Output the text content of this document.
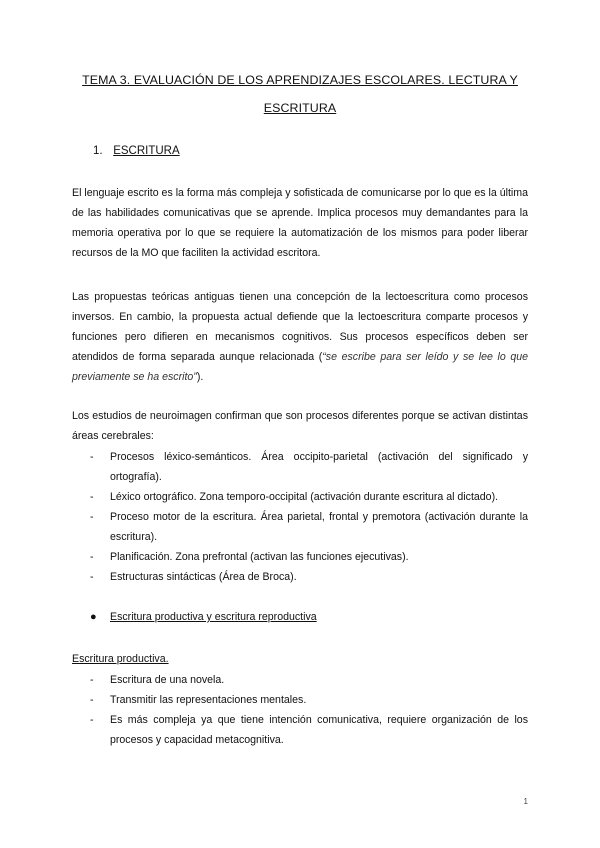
TEMA 3. EVALUACIÓN DE LOS APRENDIZAJES ESCOLARES. LECTURA Y ESCRITURA
1. ESCRITURA
El lenguaje escrito es la forma más compleja y sofisticada de comunicarse por lo que es la última de las habilidades comunicativas que se aprende. Implica procesos muy demandantes para la memoria operativa por lo que se requiere la automatización de los mismos para poder liberar recursos de la MO que faciliten la actividad escritora.
Las propuestas teóricas antiguas tienen una concepción de la lectoescritura como procesos inversos. En cambio, la propuesta actual defiende que la lectoescritura comparte procesos y funciones pero difieren en mecanismos cognitivos. Sus procesos específicos deben ser atendidos de forma separada aunque relacionada (“se escribe para ser leído y se lee lo que previamente se ha escrito”).
Los estudios de neuroimagen confirman que son procesos diferentes porque se activan distintas áreas cerebrales:
- Procesos léxico-semánticos. Área occipito-parietal (activación del significado y ortografía).
- Léxico ortográfico. Zona temporo-occipital (activación durante escritura al dictado).
- Proceso motor de la escritura. Área parietal, frontal y premotora (activación durante la escritura).
- Planificación. Zona prefrontal (activan las funciones ejecutivas).
- Estructuras sintácticas (Área de Broca).
● Escritura productiva y escritura reproductiva
Escritura productiva.
- Escritura de una novela.
- Transmitir las representaciones mentales.
- Es más compleja ya que tiene intención comunicativa, requiere organización de los procesos y capacidad metacognitiva.
1
